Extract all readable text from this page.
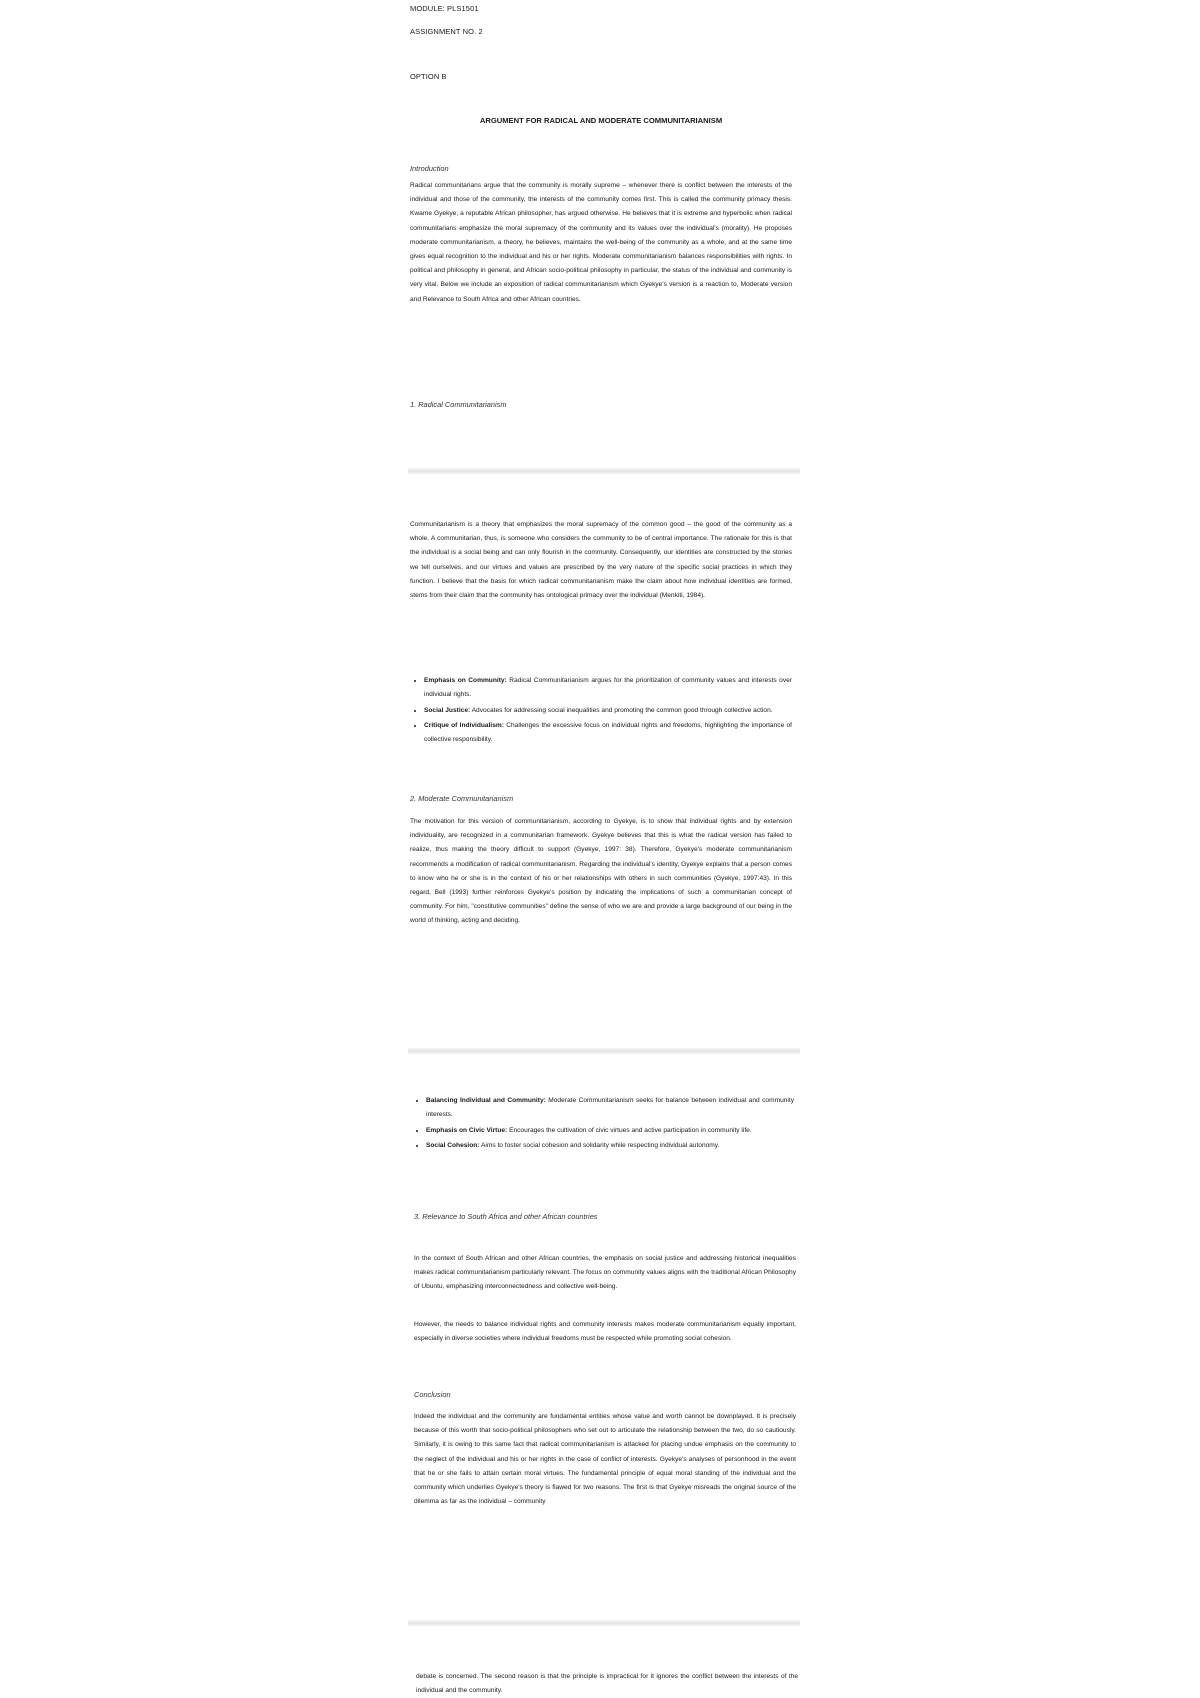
MODULE: PLS1501

ASSIGNMENT NO. 2

OPTION B

ARGUMENT FOR RADICAL AND MODERATE COMMUNITARIANISM

Introduction

Radical communitarians argue that the community is morally supreme – whenever there is conflict between the interests of the individual and those of the community, the interests of the community comes first. This is called the community primacy thesis. Kwame Gyekye, a reputable African philosopher, has argued otherwise. He believes that it is extreme and hyperbolic when radical communitarians emphasize the moral supremacy of the community and its values over the individual's (morality). He proposes moderate communitarianism, a theory, he believes, maintains the well-being of the community as a whole, and at the same time gives equal recognition to the individual and his or her rights. Moderate communitarianism balances responsibilities with rights. In political and philosophy in general, and African socio-political philosophy in particular, the status of the individual and community is very vital. Below we include an exposition of radical communitarianism which Gyekye's version is a reaction to, Moderate version and Relevance to South Africa and other African countries.

1. Radical Communitarianism

Communitarianism is a theory that emphasizes the moral supremacy of the common good – the good of the community as a whole. A communitarian, thus, is someone who considers the community to be of central importance. The rationale for this is that the individual is a social being and can only flourish in the community. Consequently, our identities are constructed by the stories we tell ourselves, and our virtues and values are prescribed by the very nature of the specific social practices in which they function. I believe that the basis for which radical communitarianism make the claim about how individual identities are formed, stems from their claim that the community has ontological primacy over the individual (Menkiti, 1984).

• Emphasis on Community: Radical Communitarianism argues for the prioritization of community values and interests over individual rights.
• Social Justice: Advocates for addressing social inequalities and promoting the common good through collective action.
• Critique of Individualism: Challenges the excessive focus on individual rights and freedoms, highlighting the importance of collective responsibility.

2. Moderate Communitarianism

The motivation for this version of communitarianism, according to Gyekye, is to show that individual rights and by extension individuality, are recognized in a communitarian framework. Gyekye believes that this is what the radical version has failed to realize, thus making the theory difficult to support (Gyekye, 1997: 38). Therefore, Gyekye's moderate communitarianism recommends a modification of radical communitarianism. Regarding the individual's identity, Gyekye explains that a person comes to know who he or she is in the context of his or her relationships with others in such communities (Gyekye, 1997:43). In this regard, Bell (1993) further reinforces Gyekye's position by indicating the implications of such a communitarian concept of community. For him, "constitutive communities" define the sense of who we are and provide a large background of our being in the world of thinking, acting and deciding.

• Balancing Individual and Community: Moderate Communitarianism seeks for balance between individual and community interests.
• Emphasis on Civic Virtue: Encourages the cultivation of civic virtues and active participation in community life.
• Social Cohesion: Aims to foster social cohesion and solidarity while respecting individual autonomy.

3. Relevance to South Africa and other African countries

In the context of South African and other African countries, the emphasis on social justice and addressing historical inequalities makes radical communitarianism particularly relevant. The focus on community values aligns with the traditional African Philosophy of Ubuntu, emphasizing interconnectedness and collective well-being.

However, the needs to balance individual rights and community interests makes moderate communitarianism equally important, especially in diverse societies where individual freedoms must be respected while promoting social cohesion.

Conclusion

Indeed the individual and the community are fundamental entities whose value and worth cannot be downplayed. It is precisely because of this worth that socio-political philosophers who set out to articulate the relationship between the two, do so cautiously. Similarly, it is owing to this same fact that radical communitarianism is attacked for placing undue emphasis on the community to the neglect of the individual and his or her rights in the case of conflict of interests. Gyekye's analyses of personhood in the event that he or she fails to attain certain moral virtues. The fundamental principle of equal moral standing of the individual and the community which underlies Gyekye's theory is flawed for two reasons. The first is that Gyekye misreads the original source of the dilemma as far as the individual – community

debate is concerned. The second reason is that the principle is impractical for it ignores the conflict between the interests of the individual and the community.
